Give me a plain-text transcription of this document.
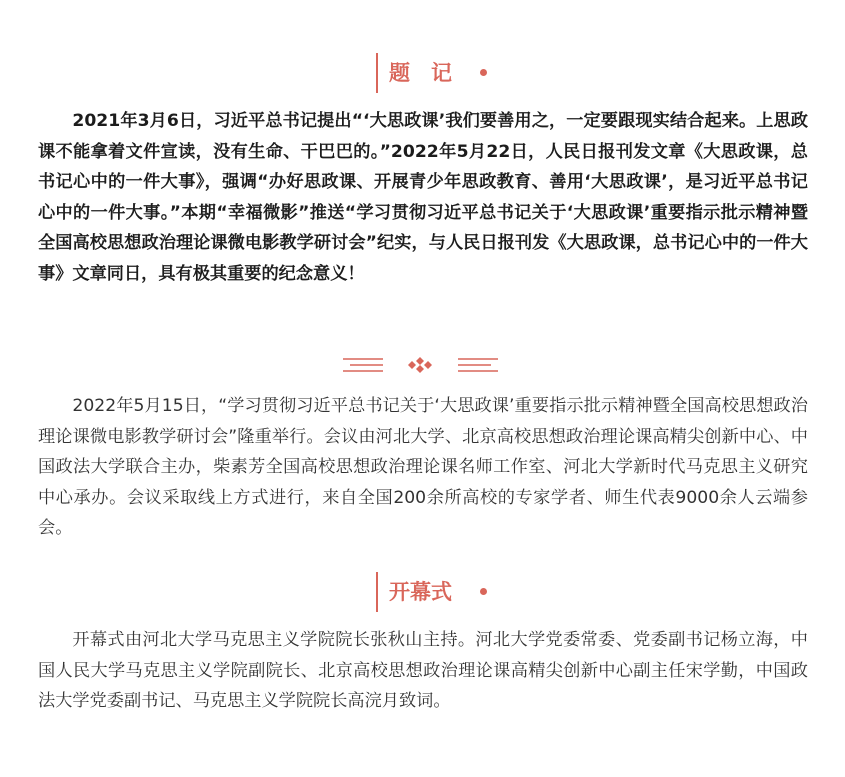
题　记

2021年3月6日，习近平总书记提出“‘大思政课’我们要善用之，一定要跟现实结合起来。上思政课不能拿着文件宣读，没有生命、干巴巴的。”2022年5月22日，人民日报刊发文章《大思政课，总书记心中的一件大事》，强调“办好思政课、开展青少年思政教育、善用‘大思政课’，是习近平总书记心中的一件大事。”本期“幸福微影”推送“学习贯彻习近平总书记关于‘大思政课’重要指示批示精神暨全国高校思想政治理论课微电影教学研讨会”纪实，与人民日报刊发《大思政课，总书记心中的一件大事》文章同日，具有极其重要的纪念意义！

2022年5月15日，“学习贯彻习近平总书记关于‘大思政课’重要指示批示精神暨全国高校思想政治理论课微电影教学研讨会”隆重举行。会议由河北大学、北京高校思想政治理论课高精尖创新中心、中国政法大学联合主办，柴素芳全国高校思想政治理论课名师工作室、河北大学新时代马克思主义研究中心承办。会议采取线上方式进行，来自全国200余所高校的专家学者、师生代表9000余人云端参会。

开幕式

开幕式由河北大学马克思主义学院院长张秋山主持。河北大学党委常委、党委副书记杨立海，中国人民大学马克思主义学院副院长、北京高校思想政治理论课高精尖创新中心副主任宋学勤，中国政法大学党委副书记、马克思主义学院院长高浣月致词。
